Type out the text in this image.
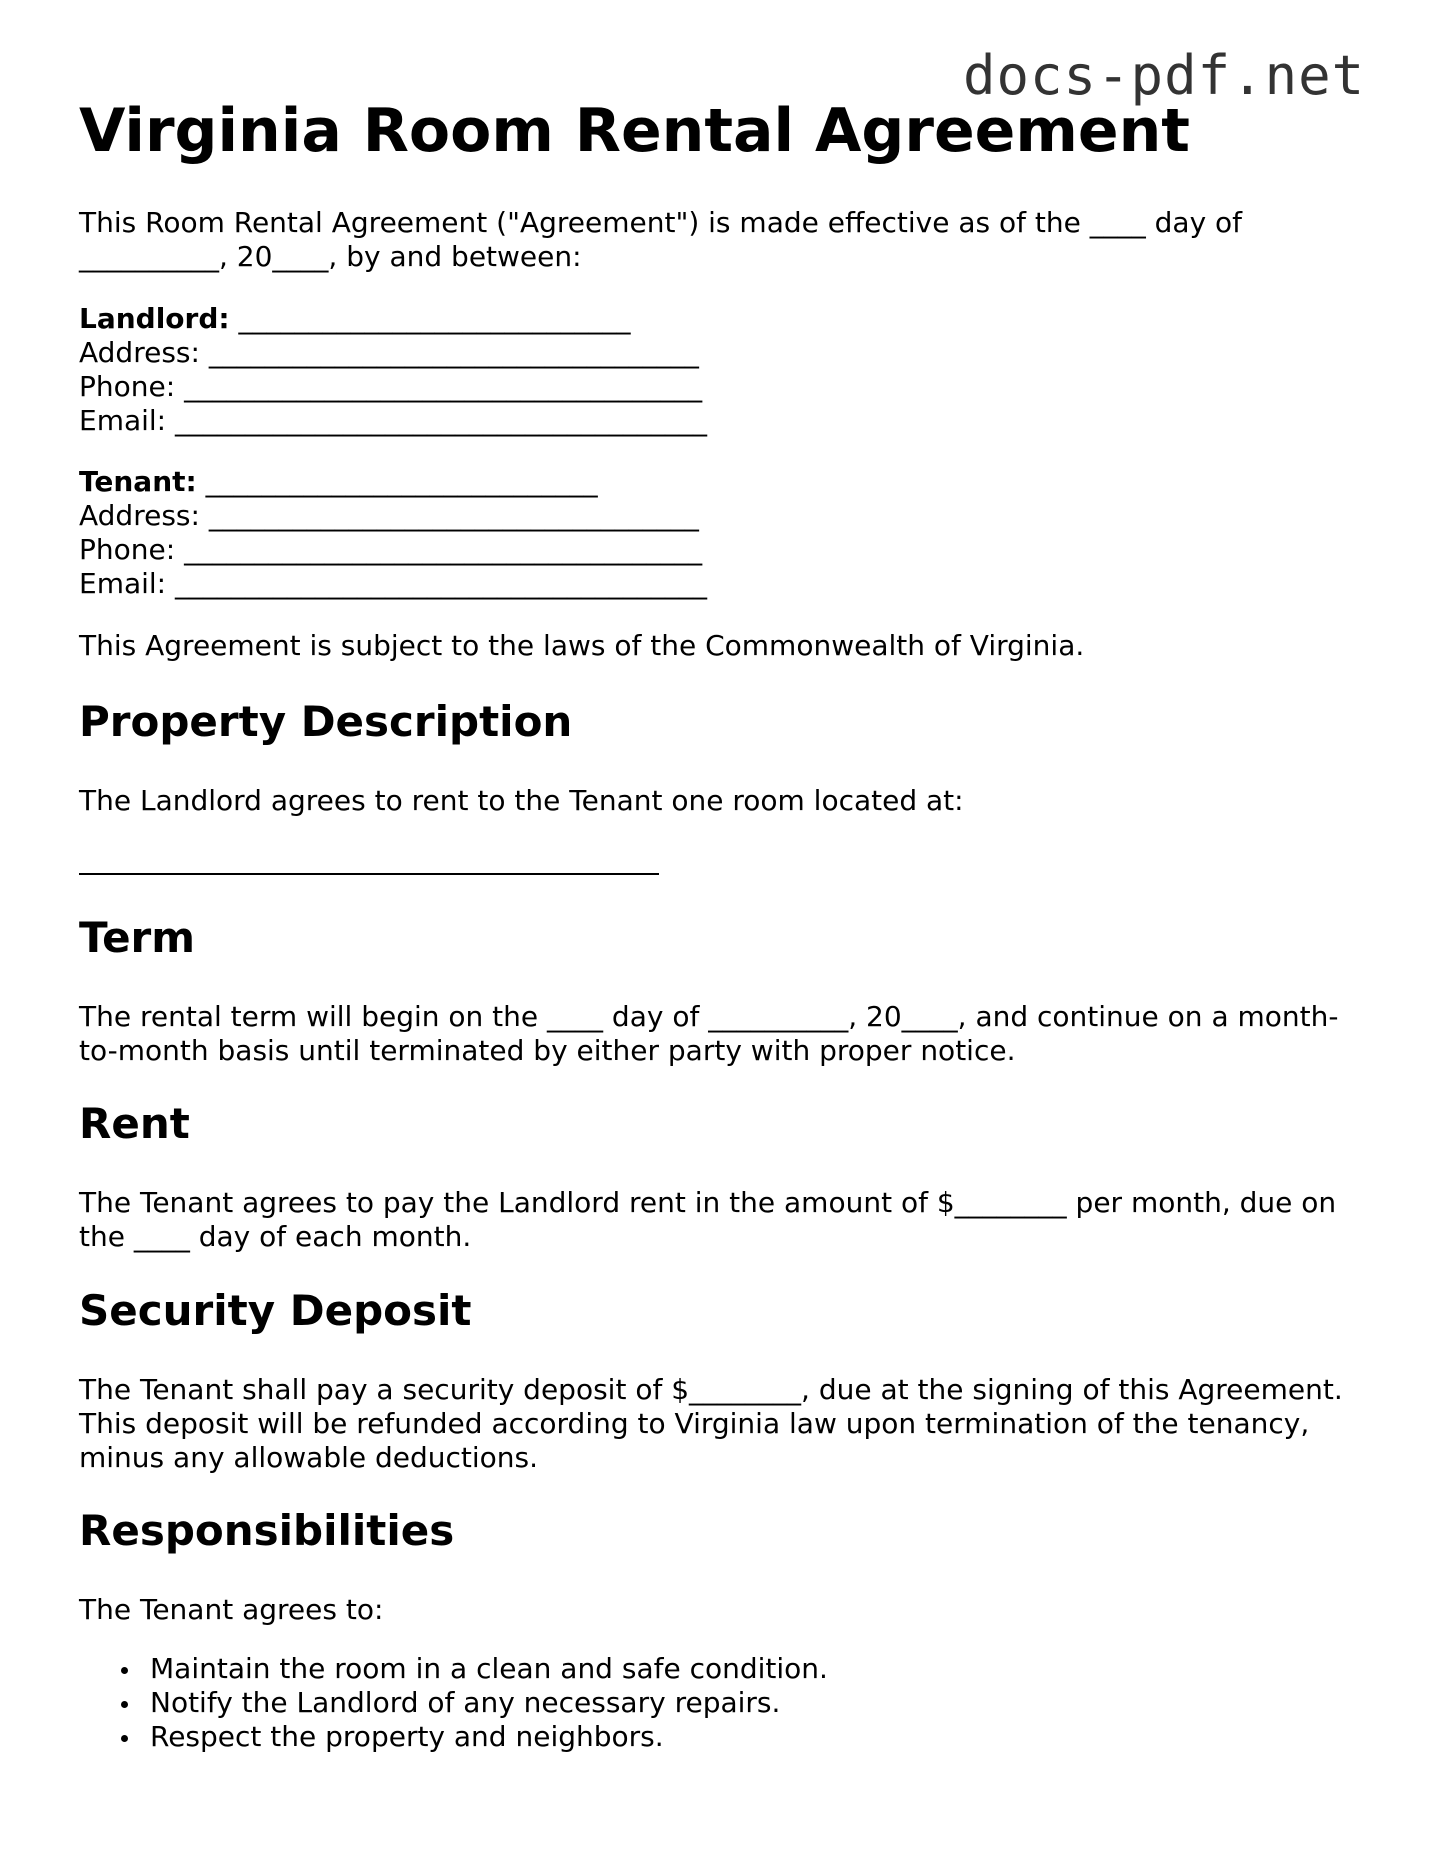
docs-pdf.net

Virginia Room Rental Agreement

This Room Rental Agreement ("Agreement") is made effective as of the ____ day of

__________, 20____, by and between:

Landlord: ____________________________

Address: ___________________________________

Phone: _____________________________________

Email: ______________________________________

Tenant: ____________________________

Address: ___________________________________

Phone: _____________________________________

Email: ______________________________________

This Agreement is subject to the laws of the Commonwealth of Virginia.

Property Description

The Landlord agrees to rent to the Tenant one room located at:

Term

The rental term will begin on the ____ day of __________, 20____, and continue on a month-

to-month basis until terminated by either party with proper notice.

Rent

The Tenant agrees to pay the Landlord rent in the amount of $________ per month, due on

the ____ day of each month.

Security Deposit

The Tenant shall pay a security deposit of $________, due at the signing of this Agreement.

This deposit will be refunded according to Virginia law upon termination of the tenancy,

minus any allowable deductions.

Responsibilities

The Tenant agrees to:

Maintain the room in a clean and safe condition.
Notify the Landlord of any necessary repairs.
Respect the property and neighbors.
